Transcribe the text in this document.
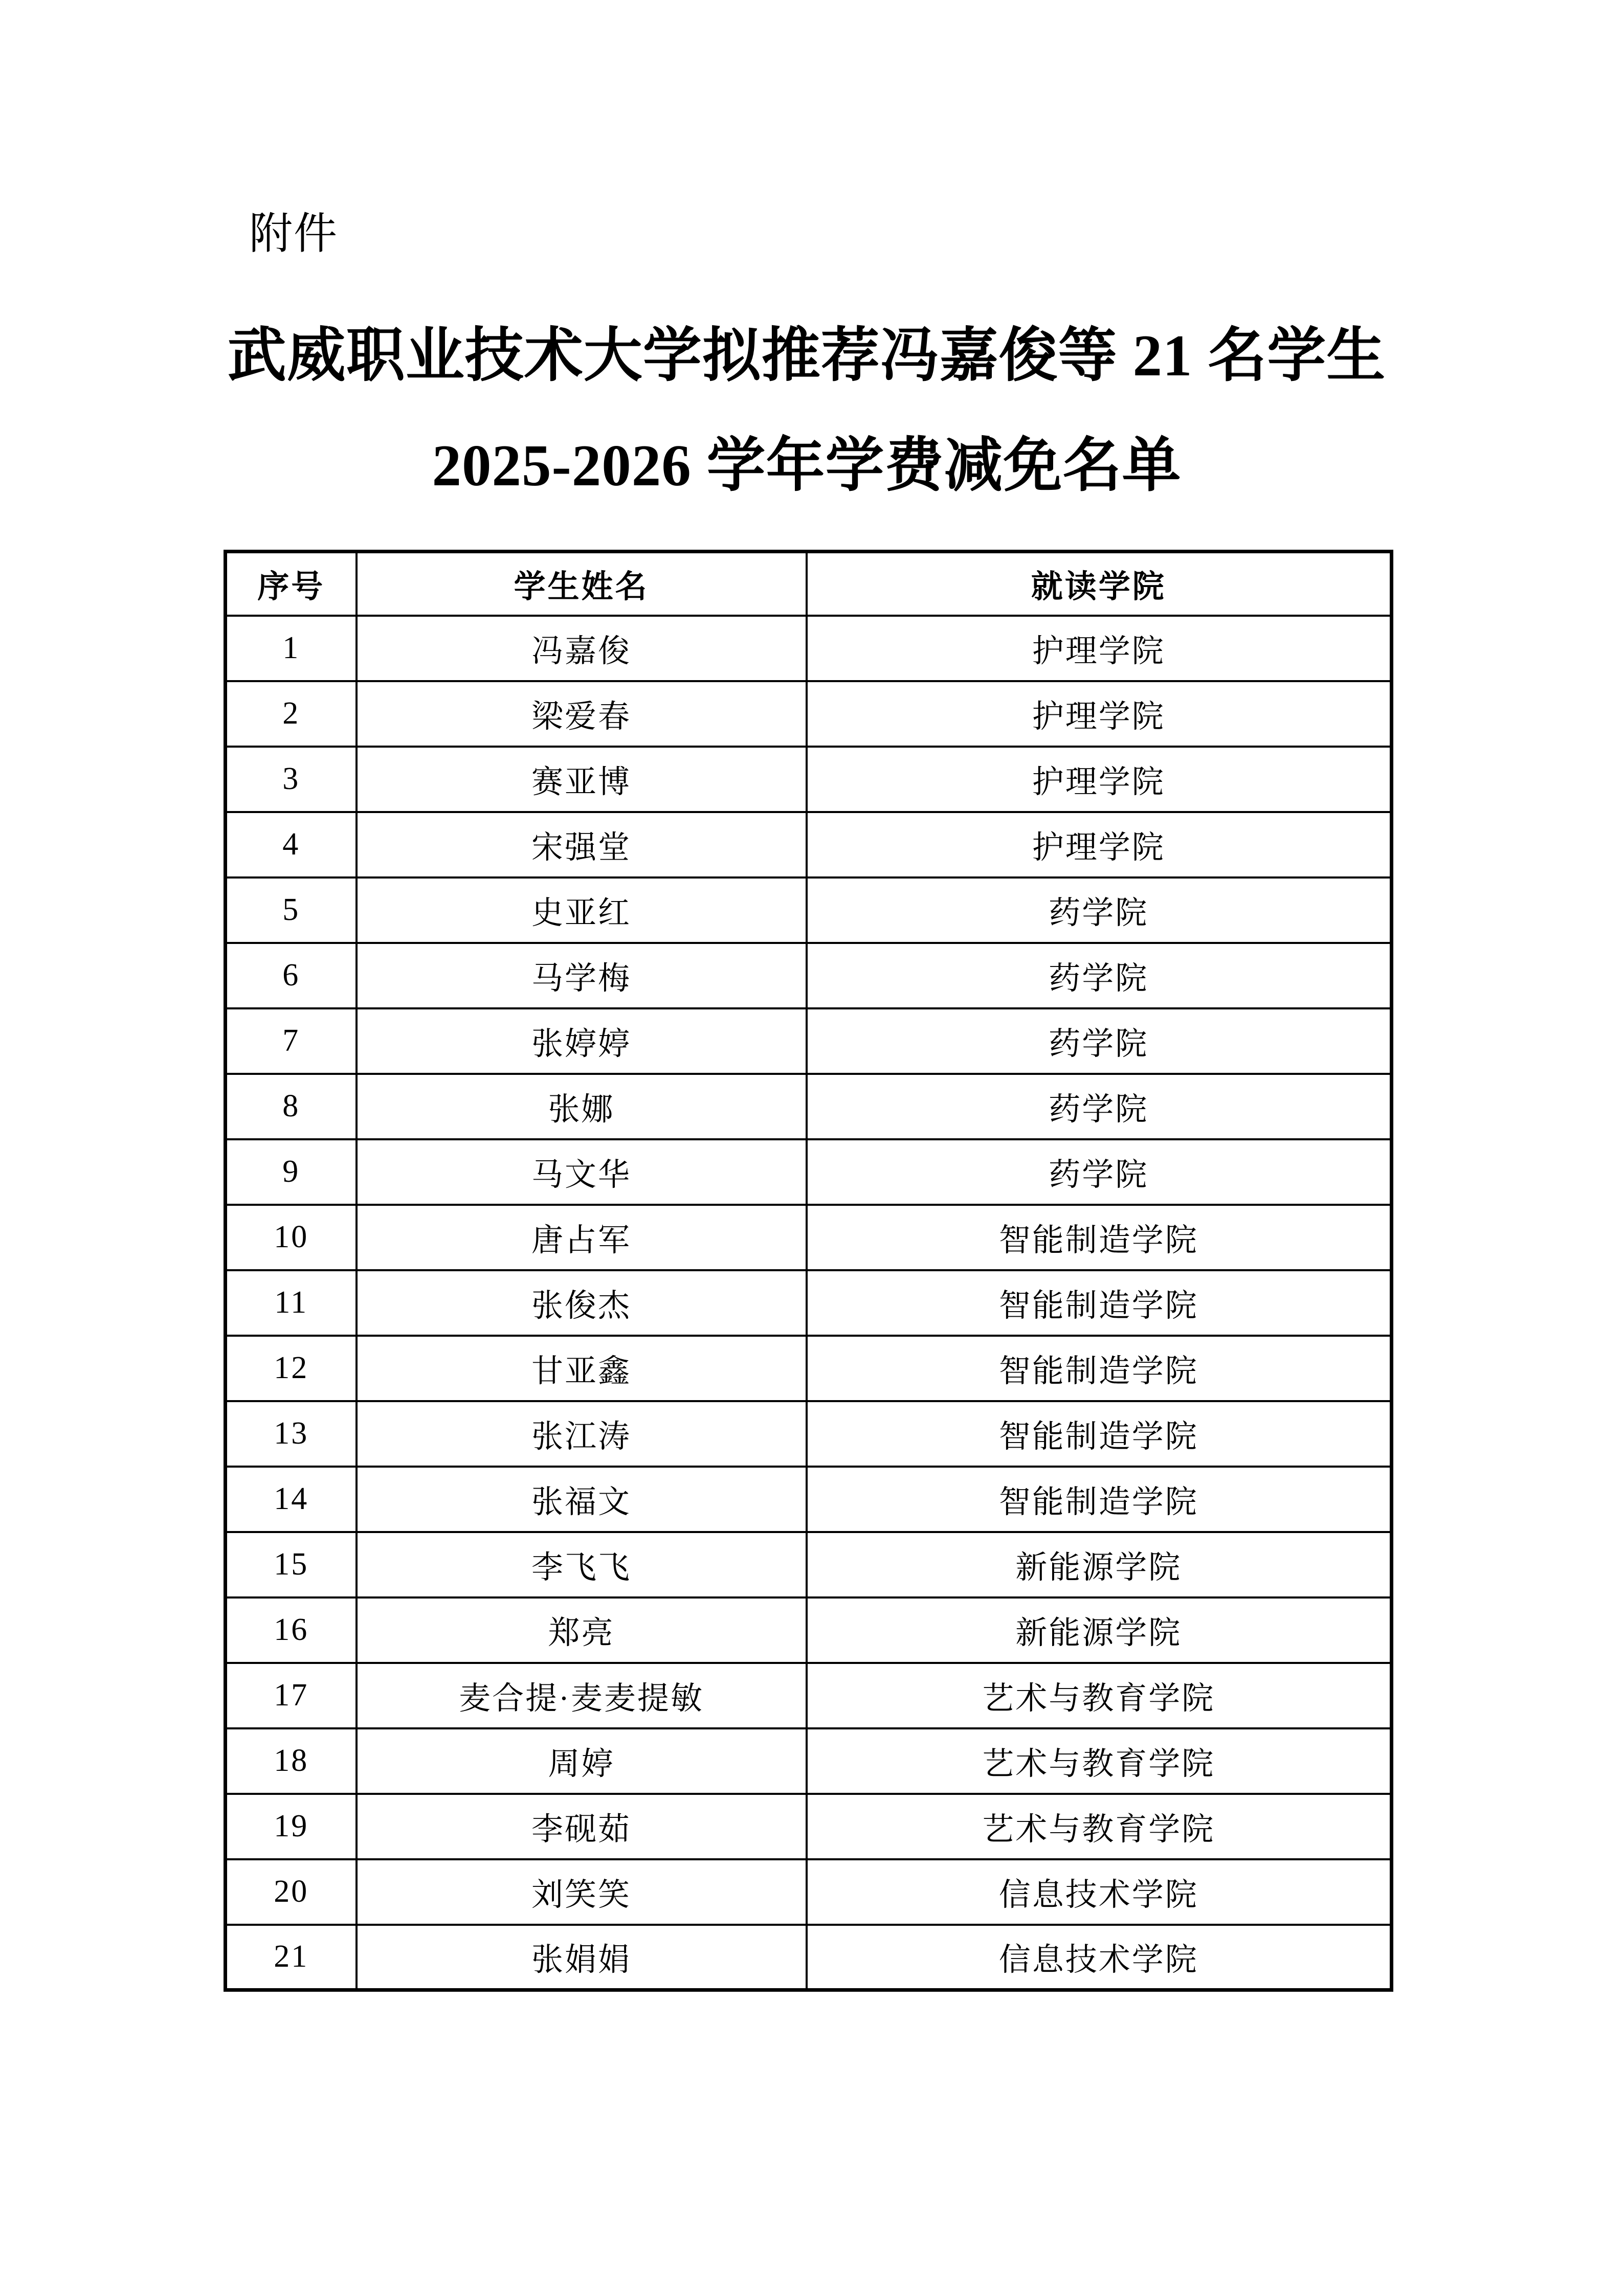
附件
武威职业技术大学拟推荐冯嘉俊等 21 名学生
2025-2026 学年学费减免名单
序号	学生姓名	就读学院
1	冯嘉俊	护理学院
2	梁爱春	护理学院
3	赛亚博	护理学院
4	宋强堂	护理学院
5	史亚红	药学院
6	马学梅	药学院
7	张婷婷	药学院
8	张娜	药学院
9	马文华	药学院
10	唐占军	智能制造学院
11	张俊杰	智能制造学院
12	甘亚鑫	智能制造学院
13	张江涛	智能制造学院
14	张福文	智能制造学院
15	李飞飞	新能源学院
16	郑亮	新能源学院
17	麦合提·麦麦提敏	艺术与教育学院
18	周婷	艺术与教育学院
19	李砚茹	艺术与教育学院
20	刘笑笑	信息技术学院
21	张娟娟	信息技术学院
